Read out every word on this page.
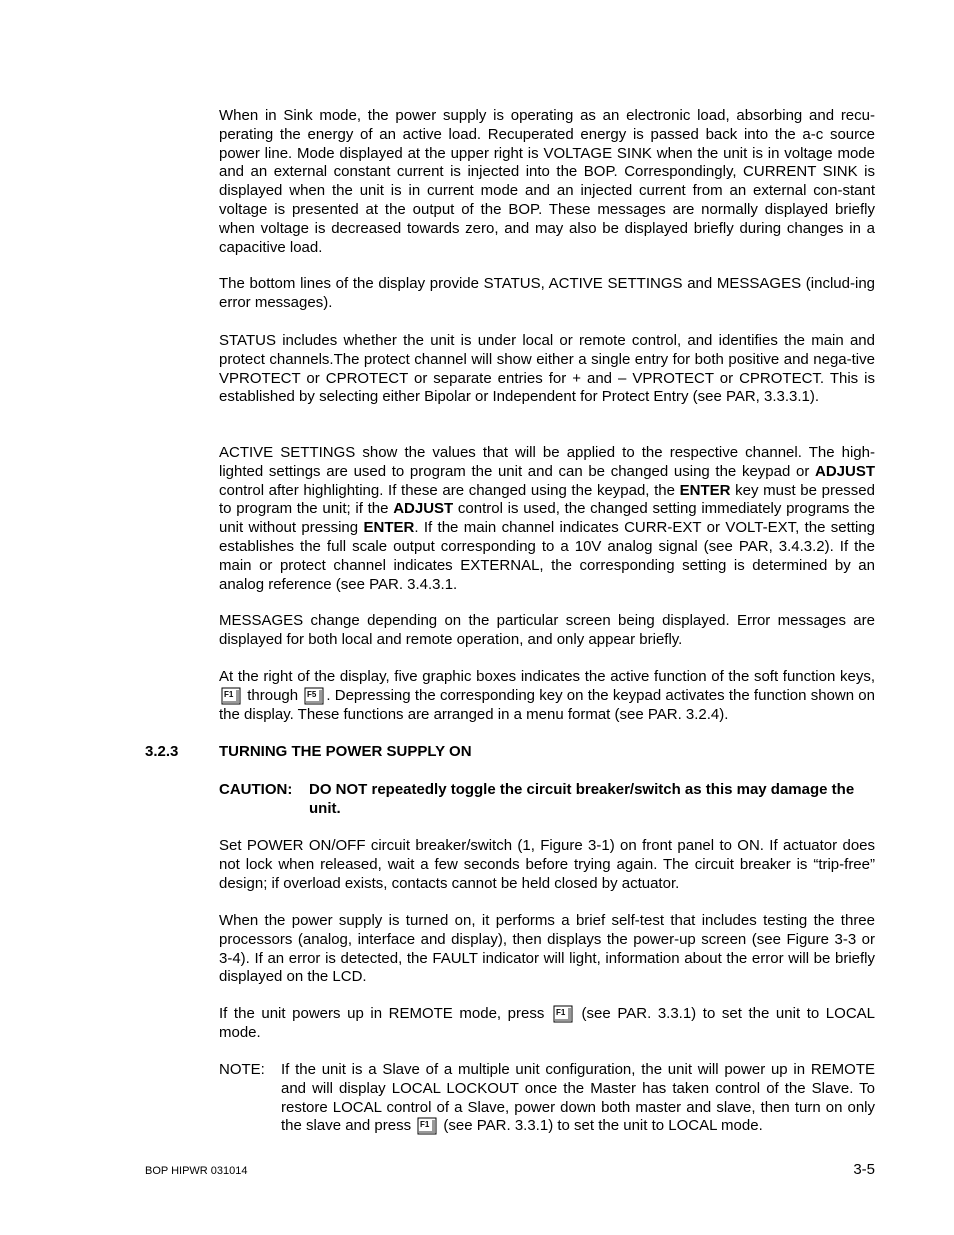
When in Sink mode, the power supply is operating as an electronic load, absorbing and recu-perating the energy of an active load. Recuperated energy is passed back into the a-c source power line. Mode displayed at the upper right is VOLTAGE SINK when the unit is in voltage mode and an external constant current is injected into the BOP. Correspondingly, CURRENT SINK is displayed when the unit is in current mode and an injected current from an external con-stant voltage is presented at the output of the BOP. These messages are normally displayed briefly when voltage is decreased towards zero, and may also be displayed briefly during changes in a capacitive load.

The bottom lines of the display provide STATUS, ACTIVE SETTINGS and MESSAGES (includ-ing error messages).

STATUS includes whether the unit is under local or remote control, and identifies the main and protect channels.The protect channel will show either a single entry for both positive and nega-tive VPROTECT or CPROTECT or separate entries for + and – VPROTECT or CPROTECT. This is established by selecting either Bipolar or Independent for Protect Entry (see PAR, 3.3.3.1).

ACTIVE SETTINGS show the values that will be applied to the respective channel. The high-lighted settings are used to program the unit and can be changed using the keypad or ADJUST control after highlighting. If these are changed using the keypad, the ENTER key must be pressed to program the unit; if the ADJUST control is used, the changed setting immediately programs the unit without pressing ENTER. If the main channel indicates CURR-EXT or VOLT-EXT, the setting establishes the full scale output corresponding to a 10V analog signal (see PAR, 3.4.3.2). If the main or protect channel indicates EXTERNAL, the corresponding setting is determined by an analog reference (see PAR. 3.4.3.1.

MESSAGES change depending on the particular screen being displayed. Error messages are displayed for both local and remote operation, and only appear briefly.

At the right of the display, five graphic boxes indicates the active function of the soft function keys,
F1 through F5 . Depressing the corresponding key on the keypad activates the function shown on the display. These functions are arranged in a menu format (see PAR. 3.2.4).

3.2.3	TURNING THE POWER SUPPLY ON
CAUTION: DO NOT repeatedly toggle the circuit breaker/switch as this may damage the unit.

Set POWER ON/OFF circuit breaker/switch (1, Figure 3-1) on front panel to ON. If actuator does not lock when released, wait a few seconds before trying again. The circuit breaker is “trip-free” design; if overload exists, contacts cannot be held closed by actuator.

When the power supply is turned on, it performs a brief self-test that includes testing the three processors (analog, interface and display), then displays the power-up screen (see Figure 3-3 or 3-4). If an error is detected, the FAULT indicator will light, information about the error will be briefly displayed on the LCD.

If the unit powers up in REMOTE mode, press F1 (see PAR. 3.3.1) to set the unit to LOCAL mode.

NOTE: If the unit is a Slave of a multiple unit configuration, the unit will power up in REMOTE and will display LOCAL LOCKOUT once the Master has taken control of the Slave. To restore LOCAL control of a Slave, power down both master and slave, then turn on only the slave and press F1 (see PAR. 3.3.1) to set the unit to LOCAL mode.
BOP HIPWR 031014	3-5
